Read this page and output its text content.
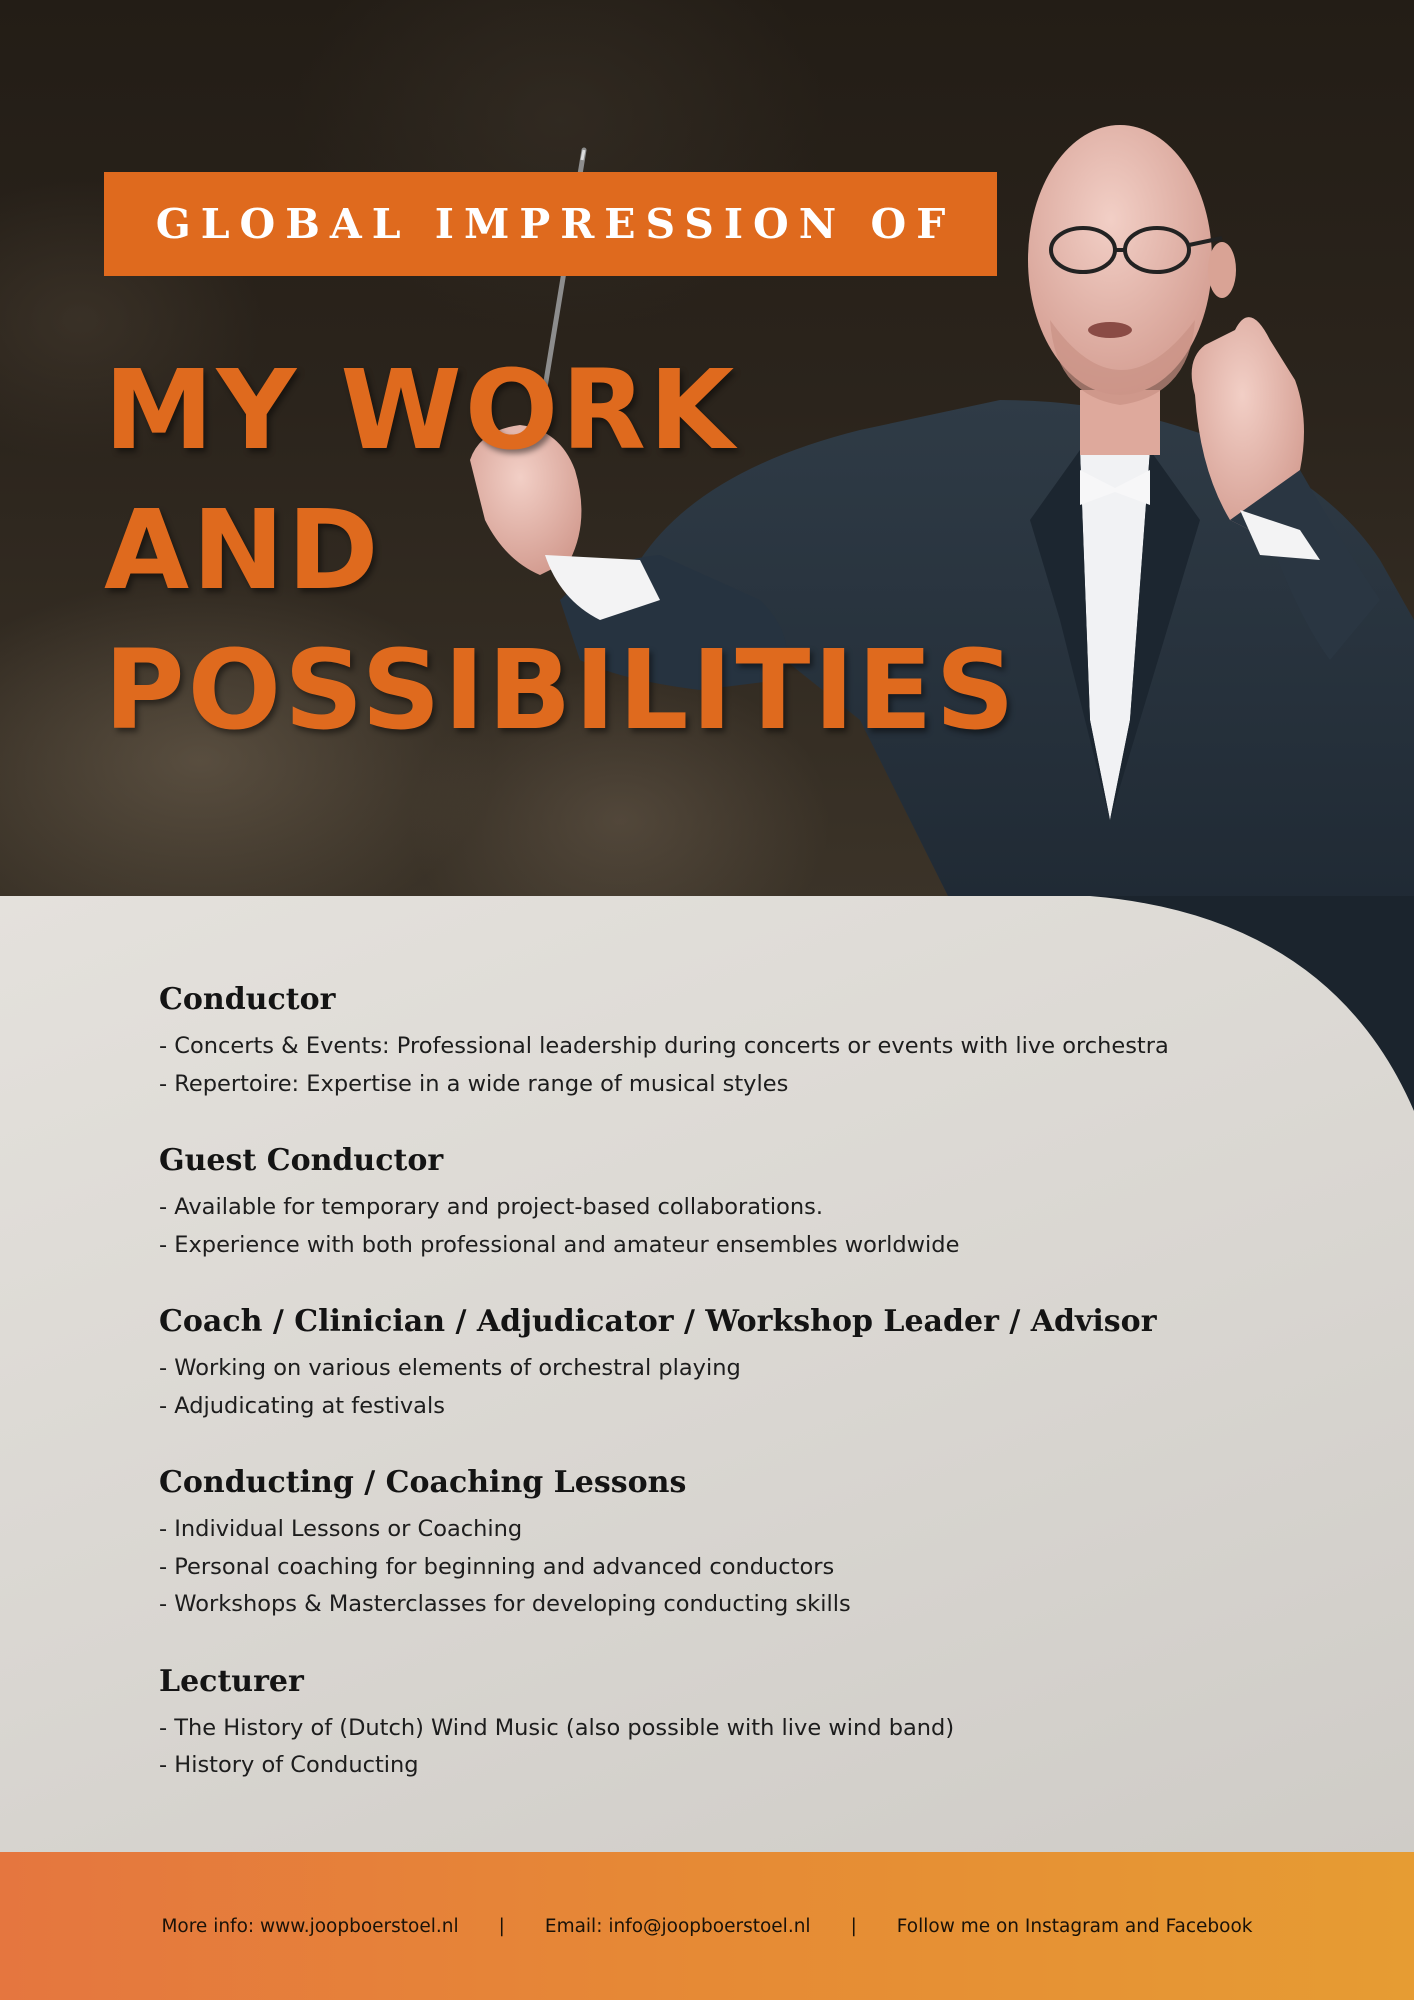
GLOBAL IMPRESSION OF
MY WORK
AND
POSSIBILITIES
Conductor
- Concerts & Events: Professional leadership during concerts or events with live orchestra
- Repertoire: Expertise in a wide range of musical styles
Guest Conductor
- Available for temporary and project-based collaborations.
- Experience with both professional and amateur ensembles worldwide
Coach / Clinician / Adjudicator / Workshop Leader / Advisor
- Working on various elements of orchestral playing
- Adjudicating at festivals
Conducting / Coaching Lessons
- Individual Lessons or Coaching
- Personal coaching for beginning and advanced conductors
- Workshops & Masterclasses for developing conducting skills
Lecturer
- The History of (Dutch) Wind Music (also possible with live wind band)
- History of Conducting
More info: www.joopboerstoel.nl | Email: info@joopboerstoel.nl | Follow me on Instagram and Facebook
